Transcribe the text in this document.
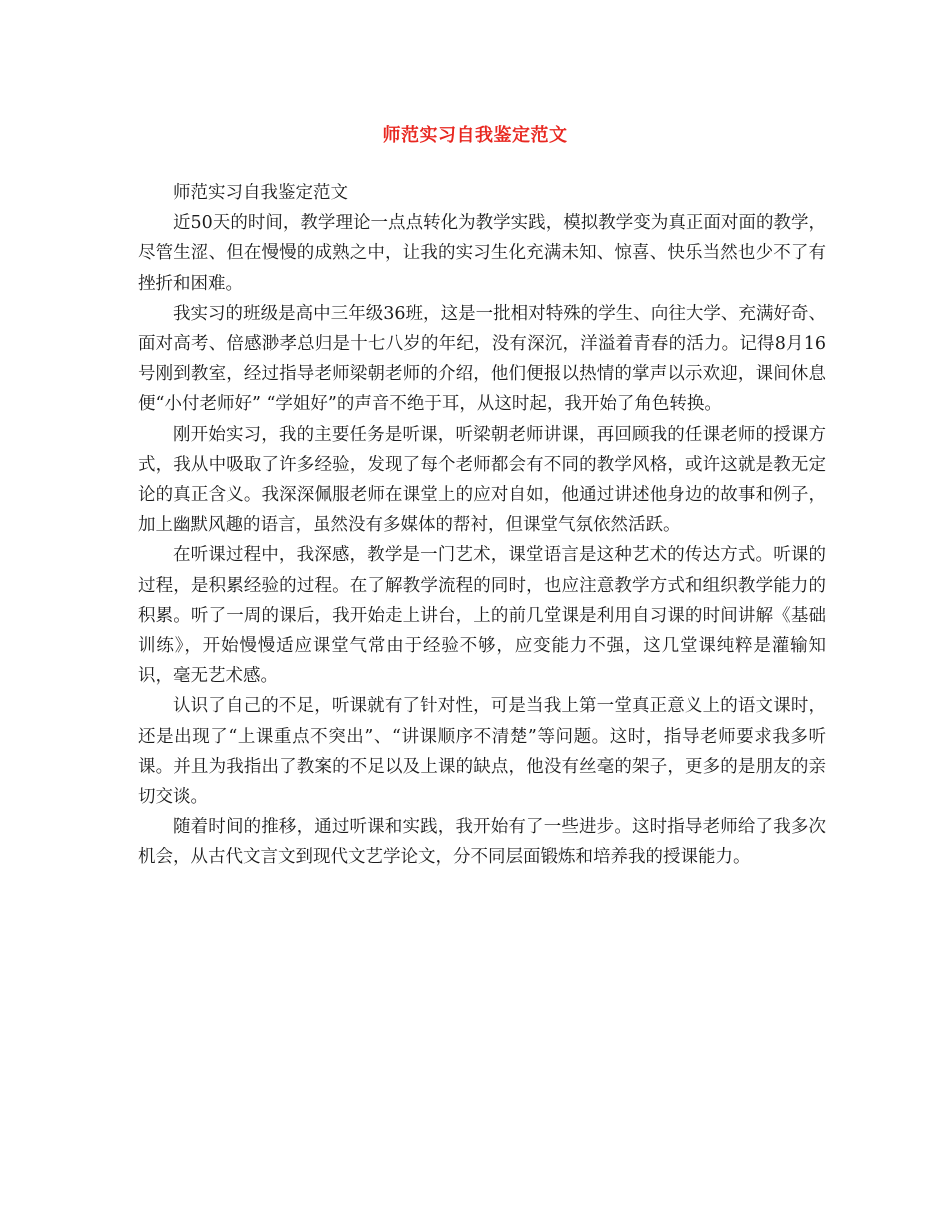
师范实习自我鉴定范文

师范实习自我鉴定范文

近50天的时间，教学理论一点点转化为教学实践，模拟教学变为真正面对面的教学，尽管生涩、但在慢慢的成熟之中，让我的实习生化充满未知、惊喜、快乐当然也少不了有挫折和困难。

我实习的班级是高中三年级36班，这是一批相对特殊的学生、向往大学、充满好奇、面对高考、倍感渺孝总归是十七八岁的年纪，没有深沉，洋溢着青春的活力。记得8月16号刚到教室，经过指导老师梁朝老师的介绍，他们便报以热情的掌声以示欢迎，课间休息便“小付老师好” “学姐好”的声音不绝于耳，从这时起，我开始了角色转换。

刚开始实习，我的主要任务是听课，听梁朝老师讲课，再回顾我的任课老师的授课方式，我从中吸取了许多经验，发现了每个老师都会有不同的教学风格，或许这就是教无定论的真正含义。我深深佩服老师在课堂上的应对自如，他通过讲述他身边的故事和例子，加上幽默风趣的语言，虽然没有多媒体的帮衬，但课堂气氛依然活跃。

在听课过程中，我深感，教学是一门艺术，课堂语言是这种艺术的传达方式。听课的过程，是积累经验的过程。在了解教学流程的同时，也应注意教学方式和组织教学能力的积累。听了一周的课后，我开始走上讲台，上的前几堂课是利用自习课的时间讲解《基础训练》，开始慢慢适应课堂气常由于经验不够，应变能力不强，这几堂课纯粹是灌输知识，毫无艺术感。

认识了自己的不足，听课就有了针对性，可是当我上第一堂真正意义上的语文课时，还是出现了“上课重点不突出”、“讲课顺序不清楚”等问题。这时，指导老师要求我多听课。并且为我指出了教案的不足以及上课的缺点，他没有丝毫的架子，更多的是朋友的亲切交谈。

随着时间的推移，通过听课和实践，我开始有了一些进步。这时指导老师给了我多次机会，从古代文言文到现代文艺学论文，分不同层面锻炼和培养我的授课能力。
